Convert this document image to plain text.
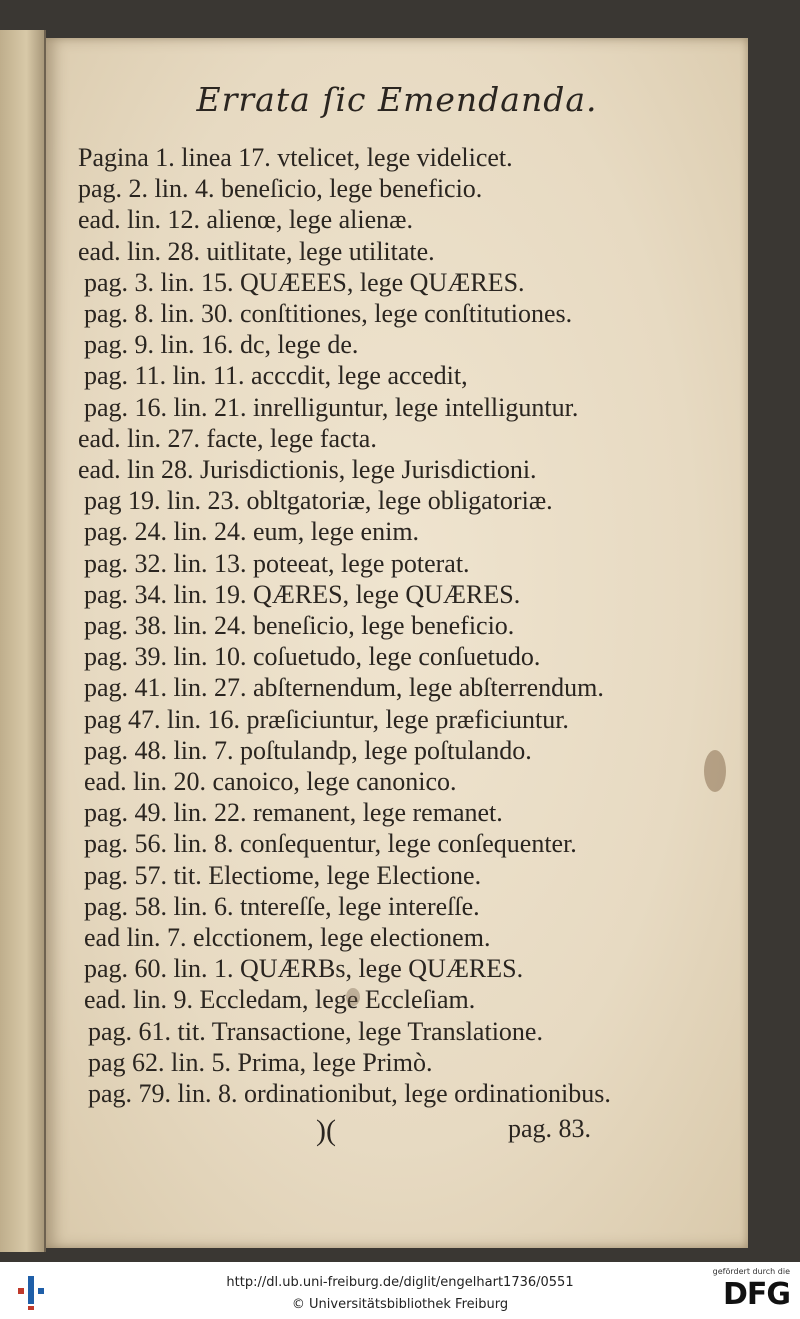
Errata ſic Emendanda.
Pagina 1. linea 17. vtelicet, lege videlicet.
pag. 2. lin. 4. beneſicio, lege beneficio.
ead. lin. 12. alienœ, lege alienæ.
ead. lin. 28. uitlitate, lege utilitate.
pag. 3. lin. 15. QUÆEES, lege QUÆRES.
pag. 8. lin. 30. conſtitiones, lege conſtitutiones.
pag. 9. lin. 16. dc, lege de.
pag. 11. lin. 11. acccdit, lege accedit,
pag. 16. lin. 21. inrelliguntur, lege intelliguntur.
ead. lin. 27. facte, lege facta.
ead. lin 28. Jurisdictionis, lege Jurisdictioni.
pag 19. lin. 23. obltgatoriæ, lege obligatoriæ.
pag. 24. lin. 24. eum, lege enim.
pag. 32. lin. 13. poteeat, lege poterat.
pag. 34. lin. 19. QÆRES, lege QUÆRES.
pag. 38. lin. 24. beneſicio, lege beneficio.
pag. 39. lin. 10. coſuetudo, lege conſuetudo.
pag. 41. lin. 27. abſternendum, lege abſterrendum.
pag 47. lin. 16. præſiciuntur, lege præficiuntur.
pag. 48. lin. 7. poſtulandp, lege poſtulando.
ead. lin. 20. canoico, lege canonico.
pag. 49. lin. 22. remanent, lege remanet.
pag. 56. lin. 8. conſequentur, lege conſequenter.
pag. 57. tit. Electiome, lege Electione.
pag. 58. lin. 6. tntereſſe, lege intereſſe.
ead lin. 7. elcctionem, lege electionem.
pag. 60. lin. 1. QUÆRBs, lege QUÆRES.
ead. lin. 9. Eccledam, lege Eccleſiam.
pag. 61. tit. Transactione, lege Translatione.
pag 62. lin. 5. Prima, lege Primò.
pag. 79. lin. 8. ordinationibut, lege ordinationibus.
)(	pag. 83.
http://dl.ub.uni-freiburg.de/diglit/engelhart1736/0551
© Universitätsbibliothek Freiburg
gefördert durch die
DFG
